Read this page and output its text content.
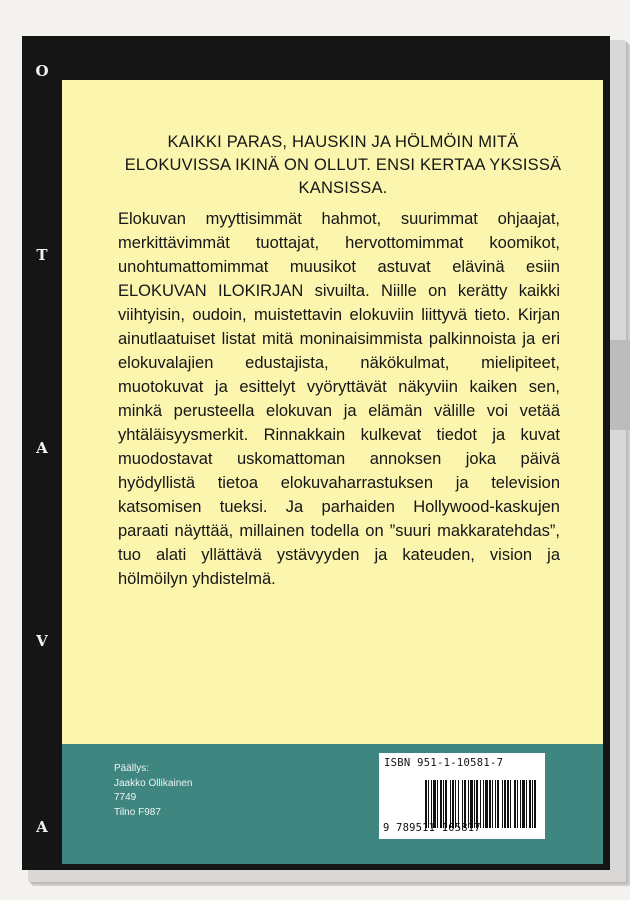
O
T
A
V
A

KAIKKI PARAS, HAUSKIN JA HÖLMÖIN MITÄ ELOKUVISSA IKINÄ ON OLLUT. ENSI KERTAA YKSISSÄ KANSISSA.

Elokuvan myyttisimmät hahmot, suurimmat ohjaajat, merkittävimmät tuottajat, hervottomimmat koomikot, unohtumattomimmat muusikot astuvat elävinä esiin ELOKUVAN ILOKIRJAN sivuilta. Niille on kerätty kaikki viihtyisin, oudoin, muistettavin elokuviin liittyvä tieto. Kirjan ainutlaatuiset listat mitä moninaisimmista palkinnoista ja eri elokuvalajien edustajista, näkökulmat, mielipiteet, muotokuvat ja esittelyt vyöryttävät näkyviin kaiken sen, minkä perusteella elokuvan ja elämän välille voi vetää yhtäläisyysmerkit. Rinnakkain kulkevat tiedot ja kuvat muodostavat uskomattoman annoksen joka päivä hyödyllistä tietoa elokuvaharrastuksen ja television katsomisen tueksi. Ja parhaiden Hollywood-kaskujen paraati näyttää, millainen todella on ”suuri makkaratehdas”, tuo alati yllättävä ystävyyden ja kateuden, vision ja hölmöilyn yhdistelmä.

Päällys:
Jaakko Ollikainen
7749
Tilno F987
ISBN 951-1-10581-7
9 789511 105817
